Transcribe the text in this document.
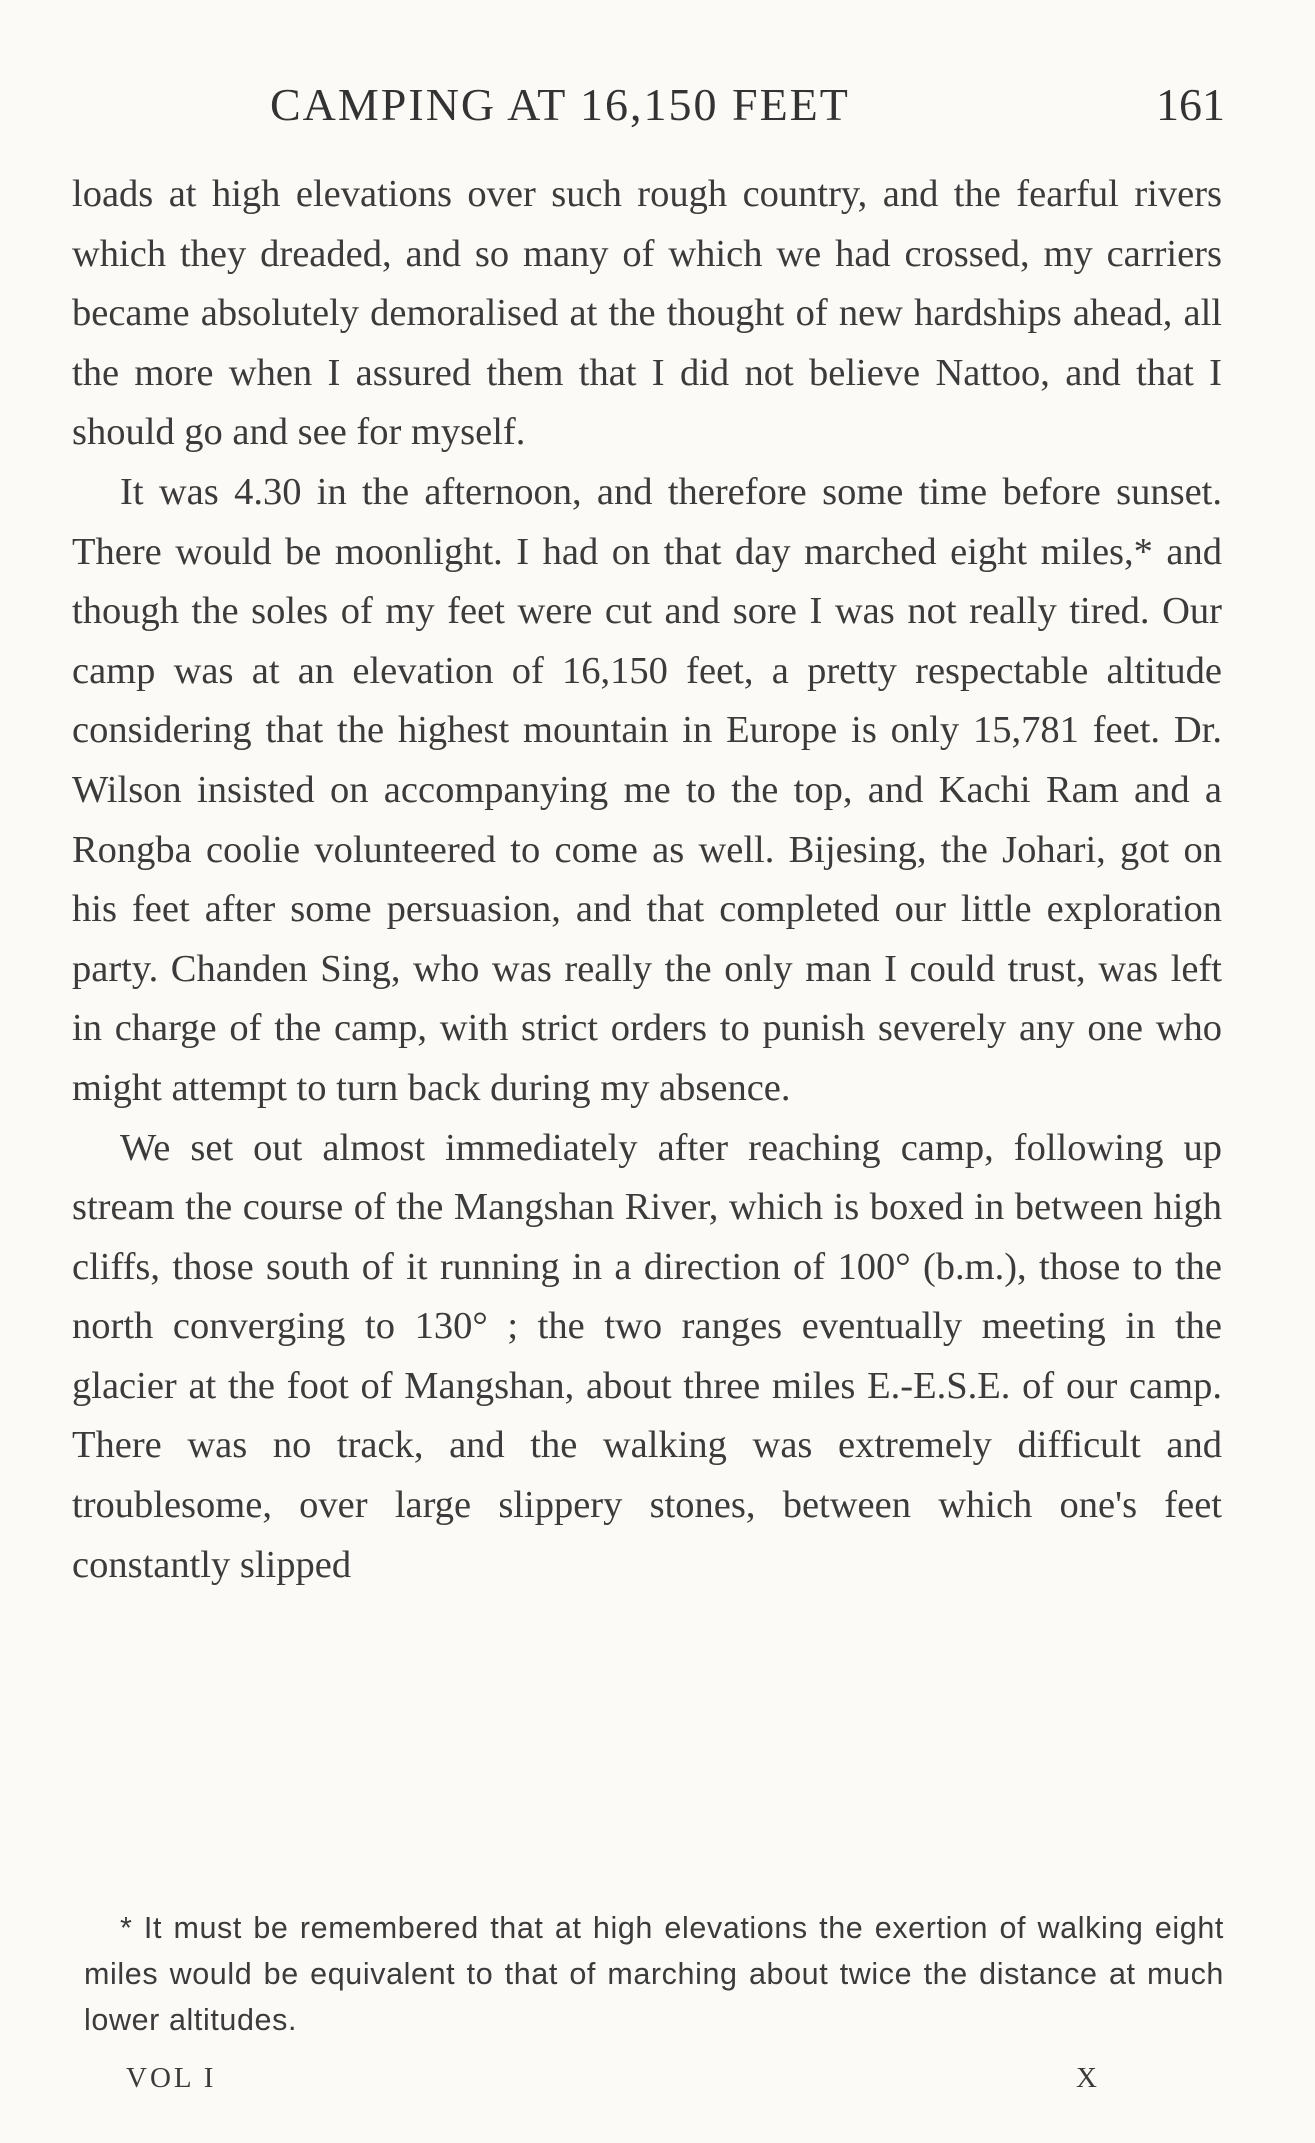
CAMPING AT 16,150 FEET	161

loads at high elevations over such rough country, and the fearful rivers which they dreaded, and so many of which we had crossed, my carriers became absolutely demoralised at the thought of new hardships ahead, all the more when I assured them that I did not believe Nattoo, and that I should go and see for myself.

It was 4.30 in the afternoon, and therefore some time before sunset. There would be moonlight. I had on that day marched eight miles,* and though the soles of my feet were cut and sore I was not really tired. Our camp was at an elevation of 16,150 feet, a pretty respectable altitude considering that the highest mountain in Europe is only 15,781 feet. Dr. Wilson insisted on accompanying me to the top, and Kachi Ram and a Rongba coolie volunteered to come as well. Bijesing, the Johari, got on his feet after some persuasion, and that completed our little exploration party. Chanden Sing, who was really the only man I could trust, was left in charge of the camp, with strict orders to punish severely any one who might attempt to turn back during my absence.

We set out almost immediately after reaching camp, following up stream the course of the Mangshan River, which is boxed in between high cliffs, those south of it running in a direction of 100° (b.m.), those to the north converging to 130° ; the two ranges eventually meeting in the glacier at the foot of Mangshan, about three miles E.-E.S.E. of our camp. There was no track, and the walking was extremely difficult and troublesome, over large slippery stones, between which one's feet constantly slipped

* It must be remembered that at high elevations the exertion of walking eight miles would be equivalent to that of marching about twice the distance at much lower altitudes.

VOL I	X
